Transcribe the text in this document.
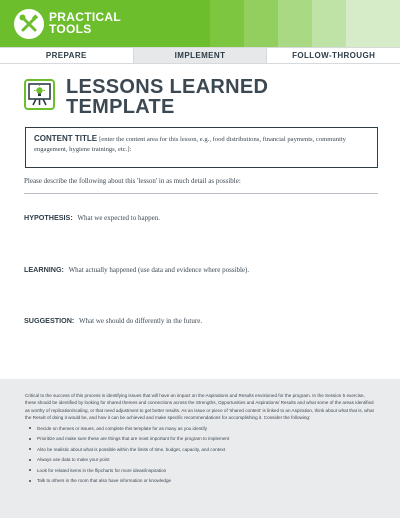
PRACTICAL
TOOLS
PREPARE	IMPLEMENT	FOLLOW-THROUGH
LESSONS LEARNED
TEMPLATE
CONTENT TITLE [enter the content area for this lesson, e.g., food distributions, financial payments, community engagement, hygiene trainings, etc.]:
Please describe the following about this 'lesson' in as much detail as possible:
HYPOTHESIS: What we expected to happen.
LEARNING: What actually happened (use data and evidence where possible).
SUGGESTION: What we should do differently in the future.

Critical to the success of this process is identifying issues that will have an impact on the Aspirations and Results envisioned for the program. In the Session 5 exercise, these should be identified by looking for shared themes and connections across the Strengths, Opportunities and Aspirations/ Results and what some of the areas identified as worthy of replication/scaling, or that need adjustment to get better results. As an issue or piece of 'shared content' is linked to an Aspiration, think about what that is, what the Result of doing it would be, and how it can be achieved and make specific recommendations for accomplishing it. Consider the following:

Decide on themes or issues, and complete this template for as many as you identify
Prioritize and make sure these are things that are most important for the program to implement
Also be realistic about what is possible within the limits of time, budget, capacity, and context
Always use data to make your point
Look for related items in the flipcharts for more ideas/inspiration
Talk to others in the room that also have information or knowledge
